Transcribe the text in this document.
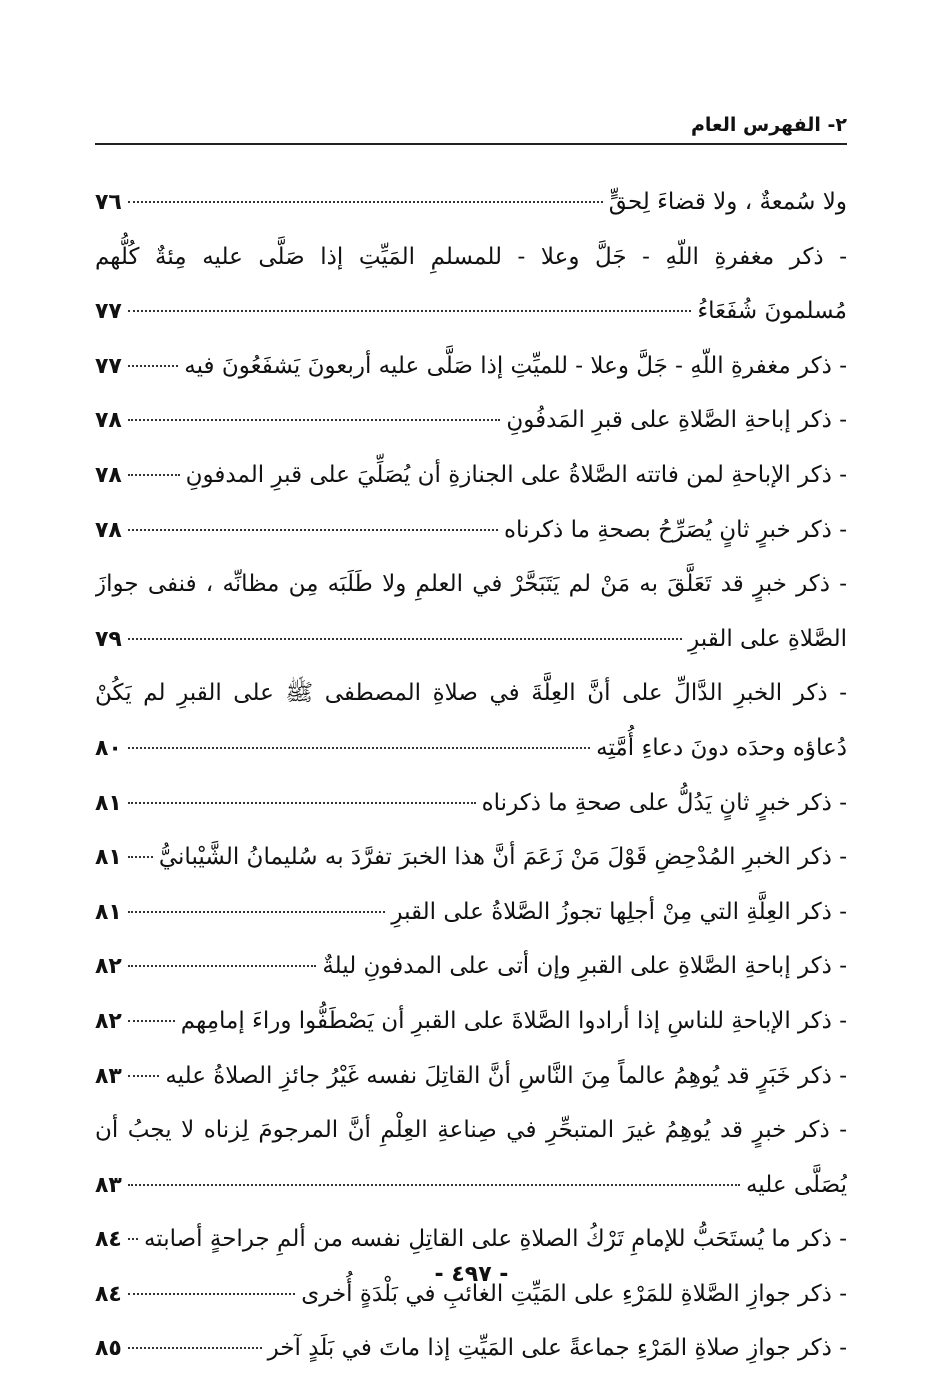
٢- الفهرس العام
ولا سُمعةٌ ، ولا قضاءَ لِحقٍّ
٧٦
- ذكر مغفرةِ اللّهِ - جَلَّ وعلا - للمسلمِ المَيِّتِ إذا صَلَّى عليه مِئةٌ كُلُّهم
مُسلمونَ شُفَعَاءُ
٧٧
- ذكر مغفرةِ اللّهِ - جَلَّ وعلا - للميِّتِ إذا صَلَّى عليه أربعونَ يَشفَعُونَ فيه
٧٧
- ذكر إباحةِ الصَّلاةِ على قبرِ المَدفُونِ
٧٨
- ذكر الإباحةِ لمن فاتته الصَّلاةُ على الجنازةِ أن يُصَلِّيَ على قبرِ المدفونِ
٧٨
- ذكر خبرٍ ثانٍ يُصَرِّحُ بصحةِ ما ذكرناه
٧٨
- ذكر خبرٍ قد تَعَلَّقَ به مَنْ لم يَتَبَحَّرْ في العلمِ ولا طَلَبَه مِن مظانِّه ، فنفى جوازَ
الصَّلاةِ على القبرِ
٧٩
- ذكر الخبرِ الدَّالِّ على أنَّ العِلَّةَ في صلاةِ المصطفى ﷺ على القبرِ لم يَكُنْ
دُعاؤه وحدَه دونَ دعاءِ أُمَّتِه
٨٠
- ذكر خبرٍ ثانٍ يَدُلُّ على صحةِ ما ذكرناه
٨١
- ذكر الخبرِ المُدْحِضِ قَوْلَ مَنْ زَعَمَ أنَّ هذا الخبرَ تفرَّدَ به سُليمانُ الشَّيْبانيُّ
٨١
- ذكر العِلَّةِ التي مِنْ أجلِها تجوزُ الصَّلاةُ على القبرِ
٨١
- ذكر إباحةِ الصَّلاةِ على القبرِ وإن أتى على المدفونِ ليلةٌ
٨٢
- ذكر الإباحةِ للناسِ إذا أرادوا الصَّلاةَ على القبرِ أن يَصْطَفُّوا وراءَ إمامِهم
٨٢
- ذكر خَبَرٍ قد يُوهِمُ عالماً مِنَ النَّاسِ أنَّ القاتِلَ نفسه غَيْرُ جائزِ الصلاةُ عليه
٨٣
- ذكر خبرٍ قد يُوهِمُ غيرَ المتبحِّرِ في صِناعةِ العِلْمِ أنَّ المرجومَ لِزناه لا يجبُ أن
يُصَلَّى عليه
٨٣
- ذكر ما يُستَحَبُّ للإمامِ تَرْكُ الصلاةِ على القاتِلِ نفسه من ألمِ جراحةٍ أصابته
٨٤
- ذكر جوازِ الصَّلاةِ للمَرْءِ على المَيِّتِ الغائبِ في بَلْدَةٍ أُخرى
٨٤
- ذكر جوازِ صلاةِ المَرْءِ جماعةً على المَيِّتِ إذا ماتَ في بَلَدٍ آخر
٨٥
- ٤٩٧ -
